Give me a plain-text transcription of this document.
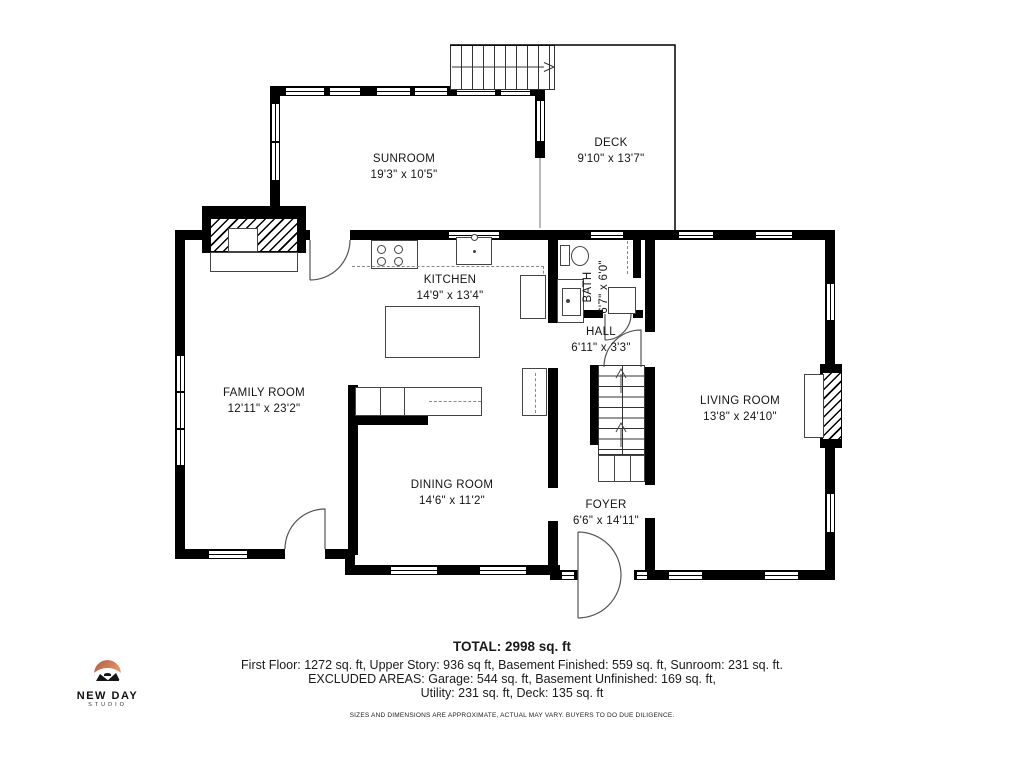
SUNROOM
19'3" x 10'5"
DECK
9'10" x 13'7"
KITCHEN
14'9" x 13'4"	BATH 6'7" x 6'0"
HALL
6'11" x 3'3"
FAMILY ROOM
12'11" x 23'2"
LIVING ROOM
13'8" x 24'10"
DINING ROOM
14'6" x 11'2"	FOYER
6'6" x 14'11"
TOTAL: 2998 sq. ft
First Floor: 1272 sq. ft, Upper Story: 936 sq ft, Basement Finished: 559 sq. ft, Sunroom: 231 sq. ft.
EXCLUDED AREAS: Garage: 544 sq. ft, Basement Unfinished: 169 sq. ft,
Utility: 231 sq. ft, Deck: 135 sq. ft
SIZES AND DIMENSIONS ARE APPROXIMATE, ACTUAL MAY VARY. BUYERS TO DO DUE DILIGENCE.
NEW DAY
STUDIO
